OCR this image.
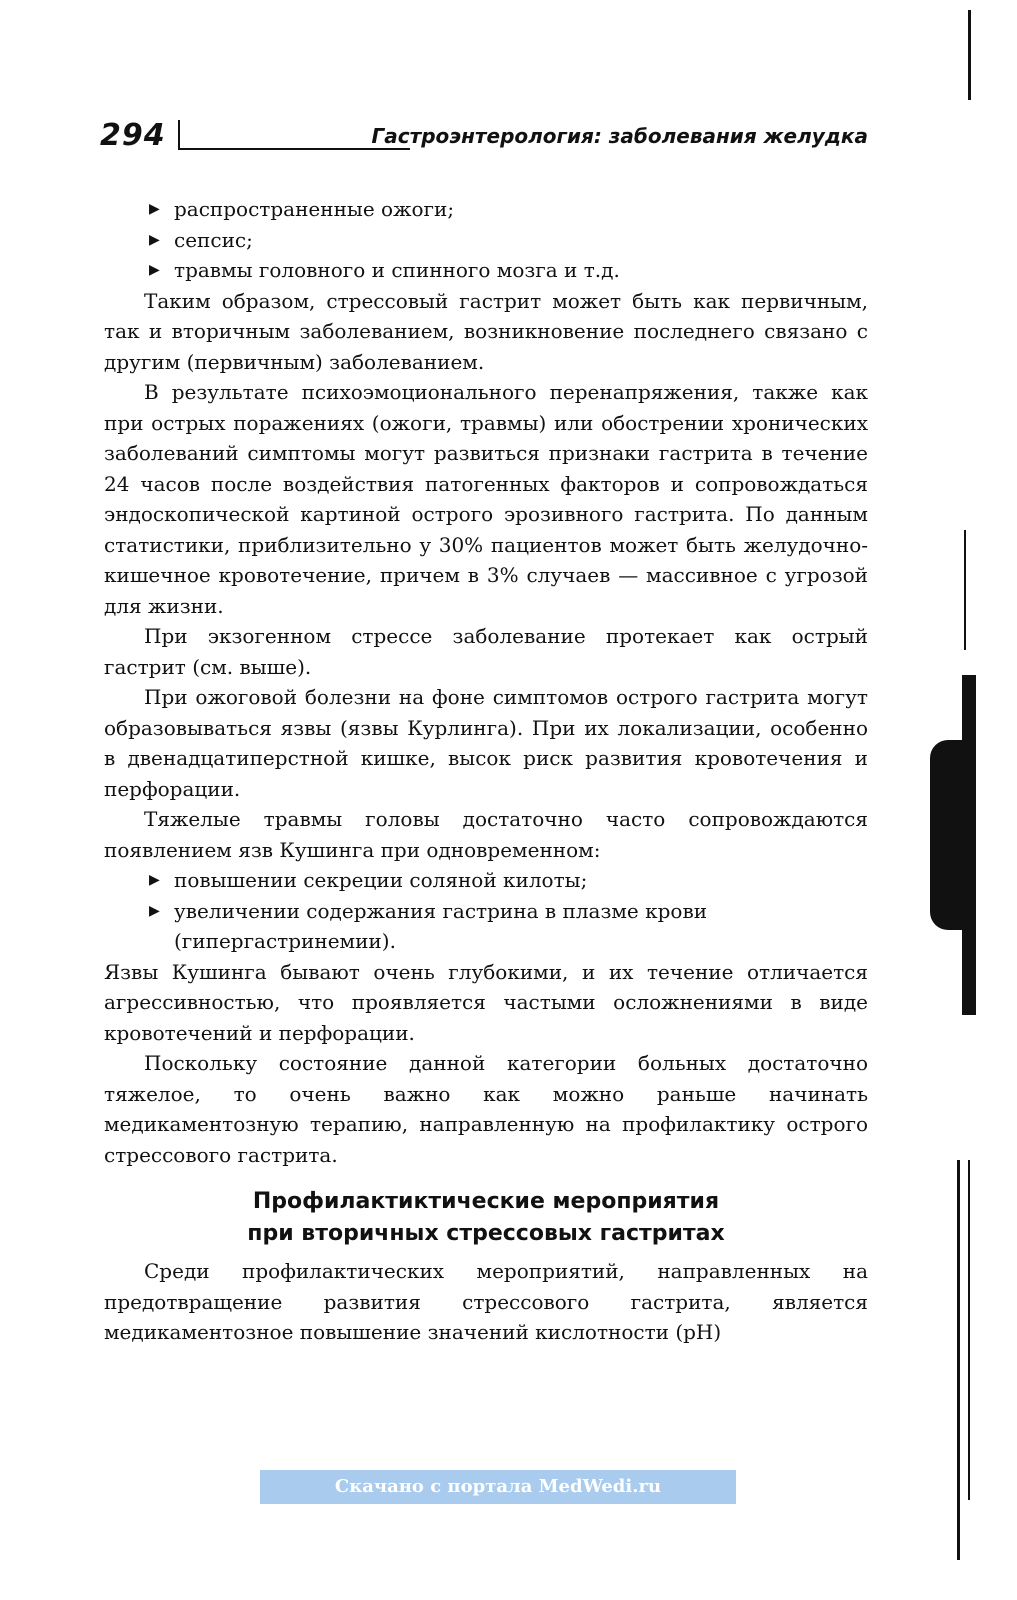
294	Гастроэнтерология: заболевания желудка
▶ распространенные ожоги;
▶ сепсис;
▶ травмы головного и спинного мозга и т.д.

Таким образом, стрессовый гастрит может быть как первичным, так и вторичным заболеванием, возникновение последнего связано с другим (первичным) заболеванием.

В результате психоэмоционального перенапряжения, также как при острых поражениях (ожоги, травмы) или обострении хронических заболеваний симптомы могут развиться признаки гастрита в течение 24 часов после воздействия патогенных факторов и сопровождаться эндоскопической картиной острого эрозивного гастрита. По данным статистики, приблизительно у 30% пациентов может быть желудочно-кишечное кровотечение, причем в 3% случаев — массивное с угрозой для жизни.

При экзогенном стрессе заболевание протекает как острый гастрит (см. выше).

При ожоговой болезни на фоне симптомов острого гастрита могут образовываться язвы (язвы Курлинга). При их локализации, особенно в двенадцатиперстной кишке, высок риск развития кровотечения и перфорации.

Тяжелые травмы головы достаточно часто сопровождаются появлением язв Кушинга при одновременном:

▶ повышении секреции соляной килоты;
▶ увеличении содержания гастрина в плазме крови (гипергастринемии).

Язвы Кушинга бывают очень глубокими, и их течение отличается агрессивностью, что проявляется частыми осложнениями в виде кровотечений и перфорации.

Поскольку состояние данной категории больных достаточно тяжелое, то очень важно как можно раньше начинать медикаментозную терапию, направленную на профилактику острого стрессового гастрита.

Профилактиктические мероприятия
при вторичных стрессовых гастритах

Среди профилактических мероприятий, направленных на предотвращение развития стрессового гастрита, является медикаментозное повышение значений кислотности (pH)

Скачано с портала MedWedi.ru
